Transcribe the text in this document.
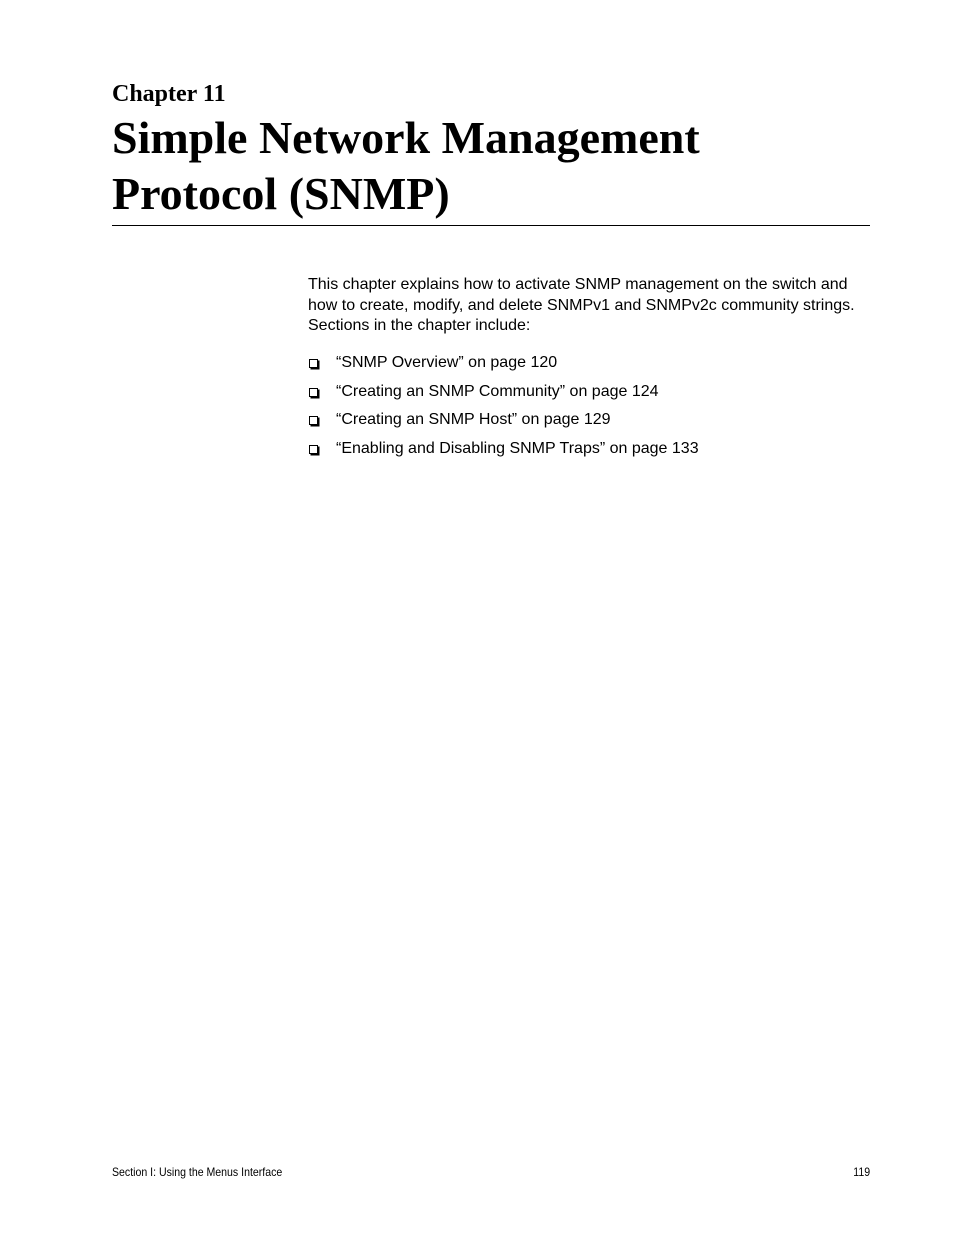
Chapter 11
Simple Network Management Protocol (SNMP)

This chapter explains how to activate SNMP management on the switch and how to create, modify, and delete SNMPv1 and SNMPv2c community strings. Sections in the chapter include:

“SNMP Overview” on page 120
“Creating an SNMP Community” on page 124
“Creating an SNMP Host” on page 129
“Enabling and Disabling SNMP Traps” on page 133
Section I: Using the Menus Interface	119
